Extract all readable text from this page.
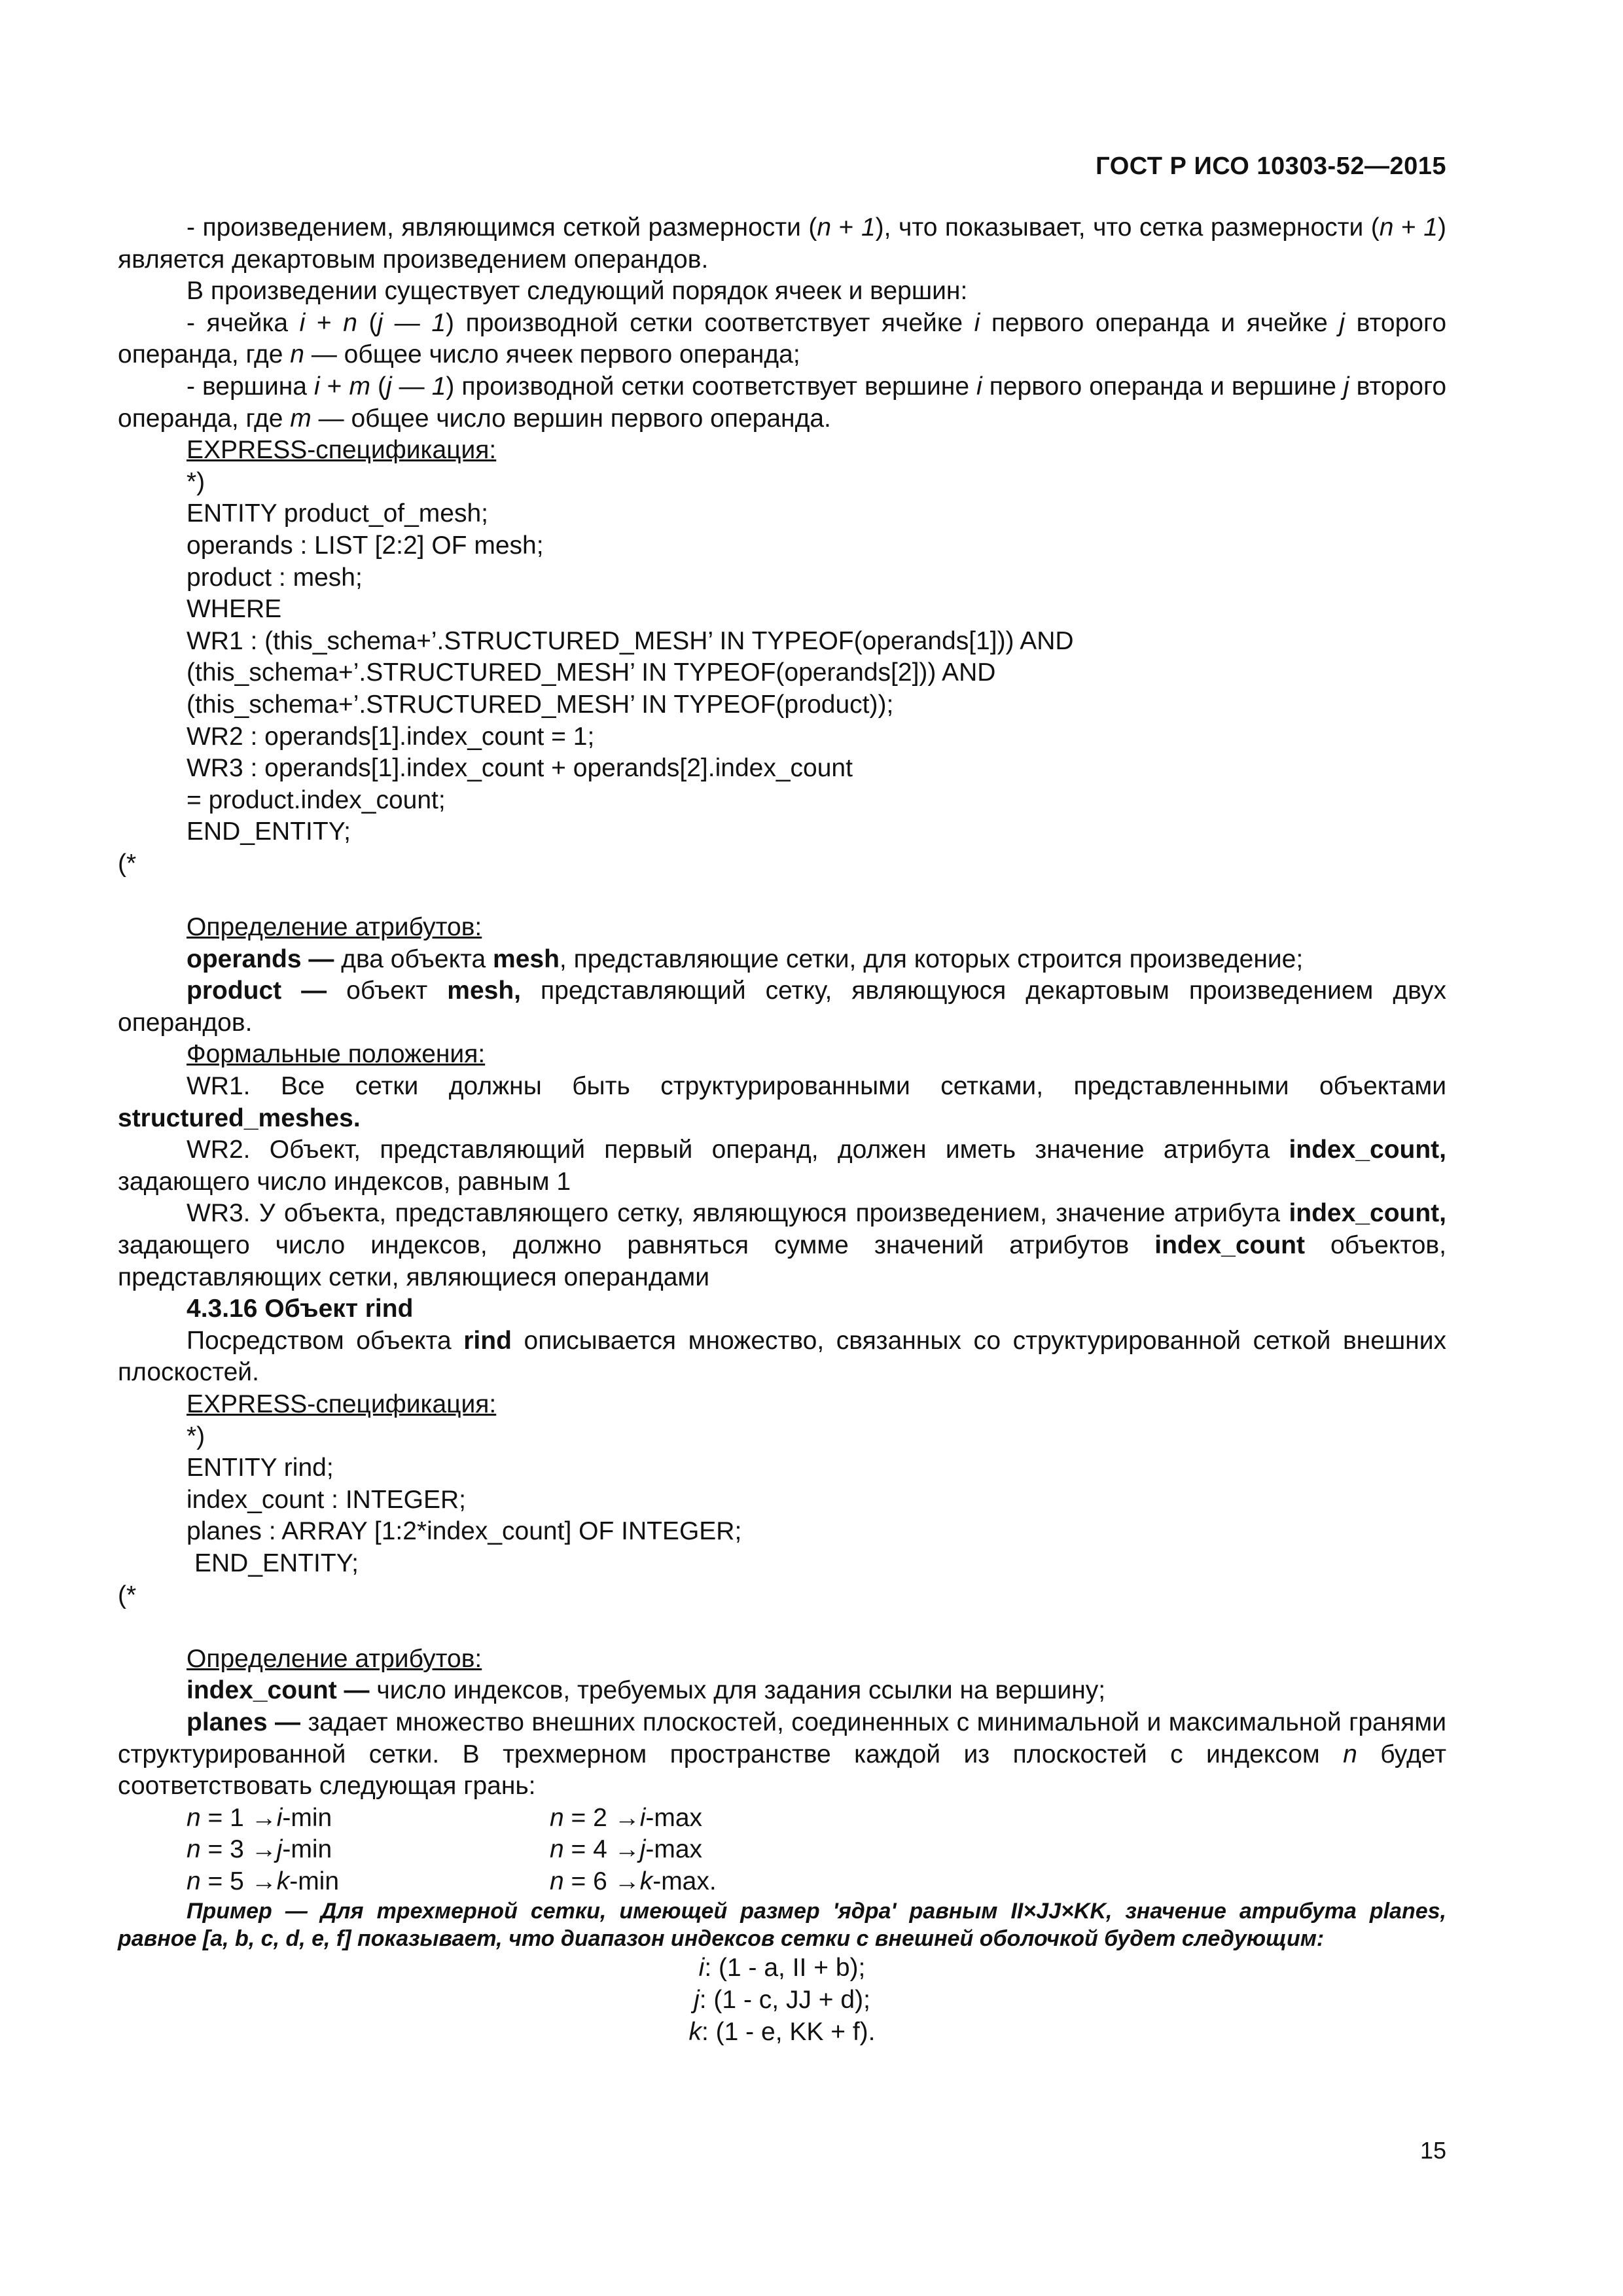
ГОСТ Р ИСО 10303-52—2015

- произведением, являющимся сеткой размерности (n + 1), что показывает, что сетка размерности (n + 1) является декартовым произведением операндов.

В произведении существует следующий порядок ячеек и вершин:

- ячейка i + n (j — 1) производной сетки соответствует ячейке i первого операнда и ячейке j второго операнда, где n — общее число ячеек первого операнда;

- вершина i + m (j — 1) производной сетки соответствует вершине i первого операнда и вершине j второго операнда, где m — общее число вершин первого операнда.

EXPRESS-спецификация:

*)

ENTITY product_of_mesh;

operands : LIST [2:2] OF mesh;

product : mesh;

WHERE

WR1 : (this_schema+’.STRUCTURED_MESH’ IN TYPEOF(operands[1])) AND

(this_schema+’.STRUCTURED_MESH’ IN TYPEOF(operands[2])) AND

(this_schema+’.STRUCTURED_MESH’ IN TYPEOF(product));

WR2 : operands[1].index_count = 1;

WR3 : operands[1].index_count + operands[2].index_count

= product.index_count;

END_ENTITY;

(*

Определение атрибутов:

operands — два объекта mesh, представляющие сетки, для которых строится произведение;

product — объект mesh, представляющий сетку, являющуюся декартовым произведением двух операндов.

Формальные положения:

WR1. Все сетки должны быть структурированными сетками, представленными объектами structured_meshes.

WR2. Объект, представляющий первый операнд, должен иметь значение атрибута index_count, задающего число индексов, равным 1

WR3. У объекта, представляющего сетку, являющуюся произведением, значение атрибута index_count, задающего число индексов, должно равняться сумме значений атрибутов index_count объектов, представляющих сетки, являющиеся операндами

4.3.16 Объект rind

Посредством объекта rind описывается множество, связанных со структурированной сеткой внешних плоскостей.

EXPRESS-спецификация:

*)

ENTITY rind;

index_count : INTEGER;

planes : ARRAY [1:2*index_count] OF INTEGER;

END_ENTITY;

(*

Определение атрибутов:

index_count — число индексов, требуемых для задания ссылки на вершину;

planes — задает множество внешних плоскостей, соединенных с минимальной и максимальной гранями структурированной сетки. В трехмерном пространстве каждой из плоскостей с индексом n будет соответствовать следующая грань:

n = 1 →i-min	n = 2 →i-max
n = 3 →j-min	n = 4 →j-max
n = 5 →k-min	n = 6 →k-max.

Пример — Для трехмерной сетки, имеющей размер 'ядра' равным II×JJ×KK, значение атрибута planes, равное [a, b, c, d, e, f] показывает, что диапазон индексов сетки с внешней оболочкой будет следующим:

i: (1 - a, II + b);

j: (1 - c, JJ + d);

k: (1 - e, KK + f).

15
